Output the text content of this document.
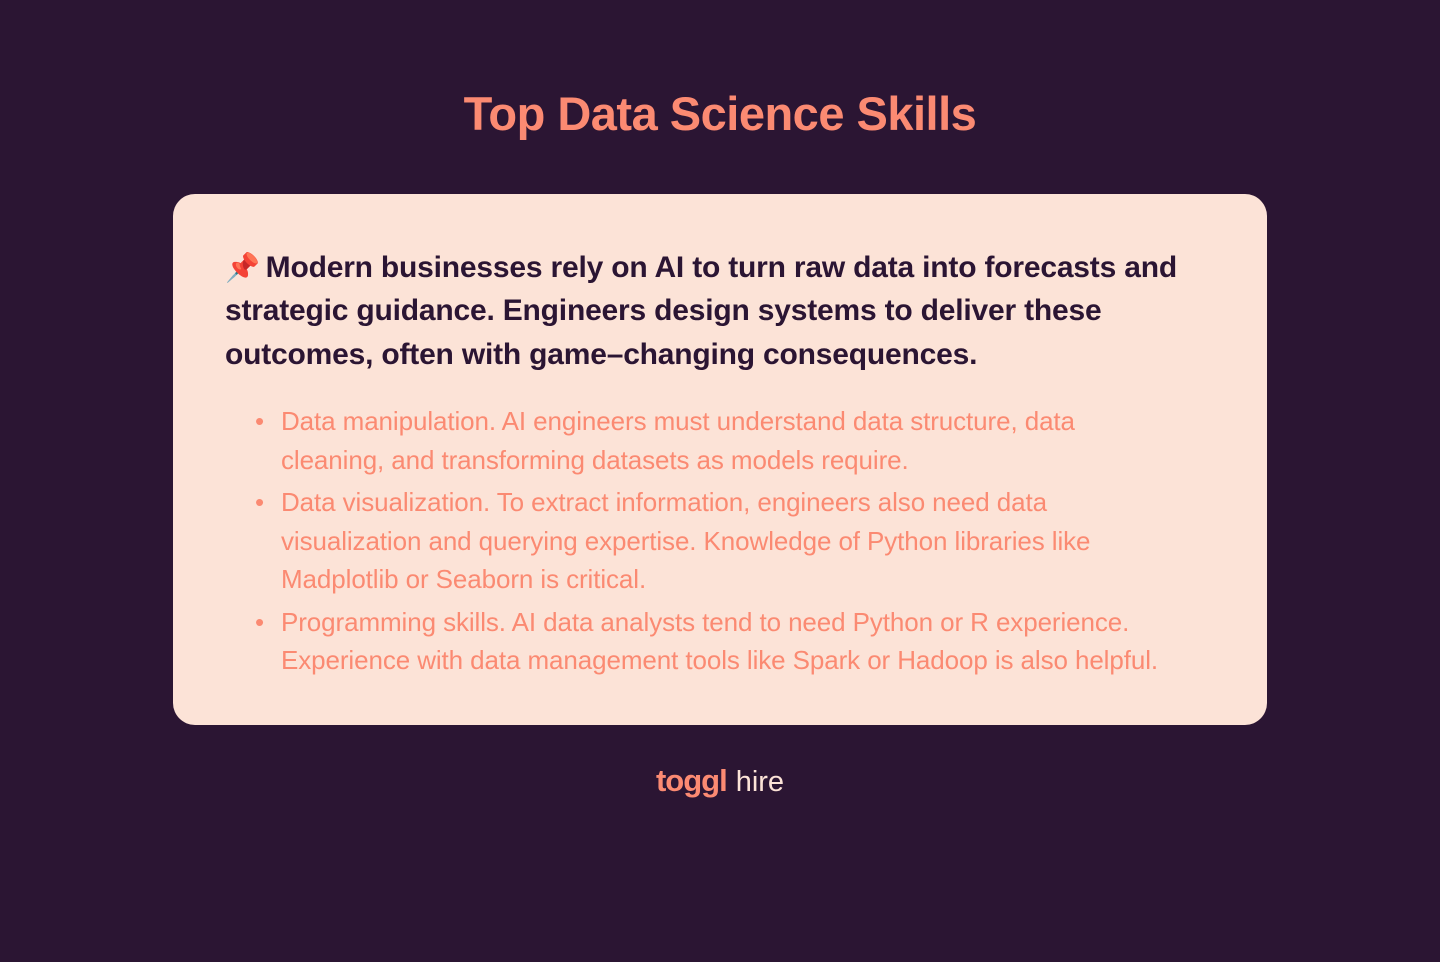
Top Data Science Skills

📌 Modern businesses rely on AI to turn raw data into forecasts and strategic guidance. Engineers design systems to deliver these outcomes, often with game–changing consequences.

• Data manipulation. AI engineers must understand data structure, data cleaning, and transforming datasets as models require.
• Data visualization. To extract information, engineers also need data visualization and querying expertise. Knowledge of Python libraries like Madplotlib or Seaborn is critical.
• Programming skills. AI data analysts tend to need Python or R experience. Experience with data management tools like Spark or Hadoop is also helpful.
toggl hire
